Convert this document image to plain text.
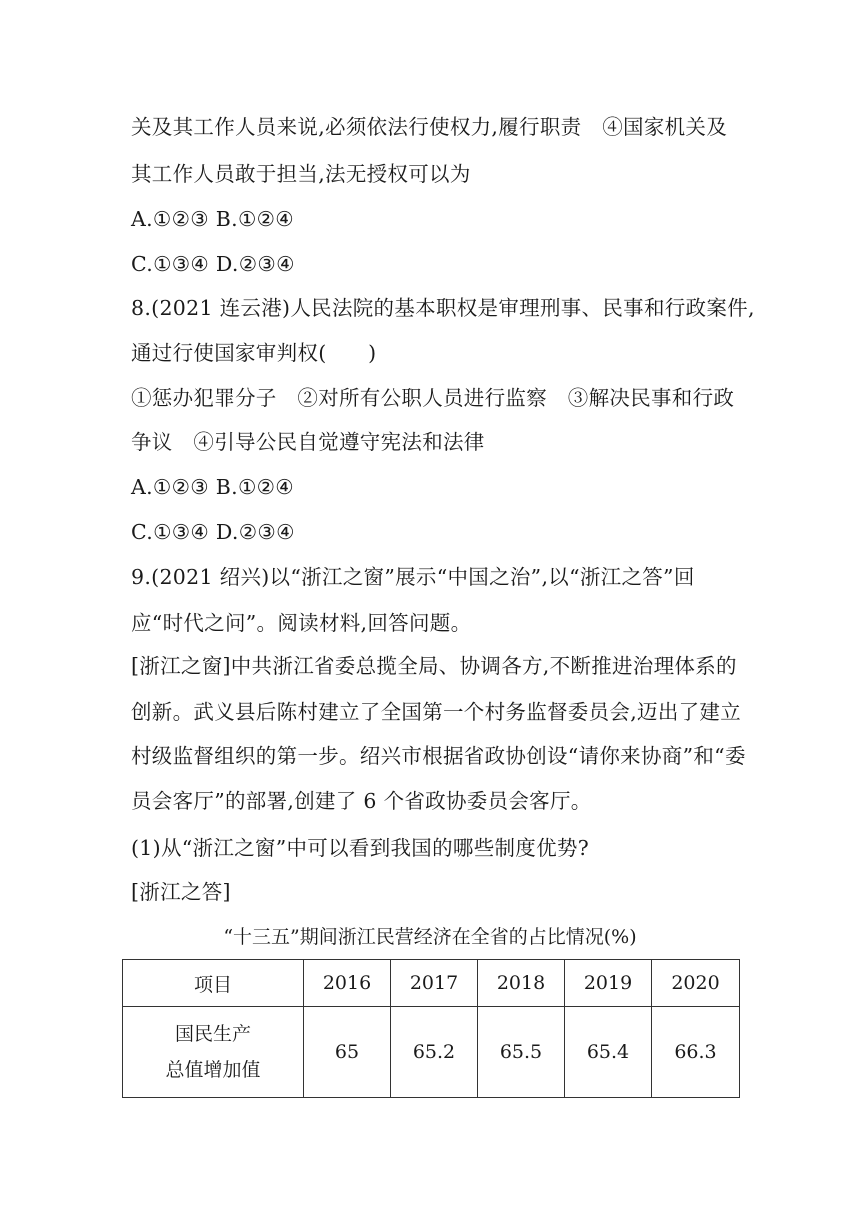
关及其工作人员来说,必须依法行使权力,履行职责　④国家机关及
其工作人员敢于担当,法无授权可以为
A.①②③ B.①②④
C.①③④ D.②③④
8.(2021 连云港)人民法院的基本职权是审理刑事、民事和行政案件,
通过行使国家审判权(　　)
①惩办犯罪分子　②对所有公职人员进行监察　③解决民事和行政
争议　④引导公民自觉遵守宪法和法律
A.①②③ B.①②④
C.①③④ D.②③④
9.(2021 绍兴)以“浙江之窗”展示“中国之治”,以“浙江之答”回
应“时代之问”。阅读材料,回答问题。
[浙江之窗]中共浙江省委总揽全局、协调各方,不断推进治理体系的
创新。武义县后陈村建立了全国第一个村务监督委员会,迈出了建立
村级监督组织的第一步。绍兴市根据省政协创设“请你来协商”和“委
员会客厅”的部署,创建了 6 个省政协委员会客厅。
(1)从“浙江之窗”中可以看到我国的哪些制度优势?
[浙江之答]
“十三五”期间浙江民营经济在全省的占比情况(%)
项目	2016	2017	2018	2019	2020

国民生产
总值增加值	65	65.2	65.5	65.4	66.3
